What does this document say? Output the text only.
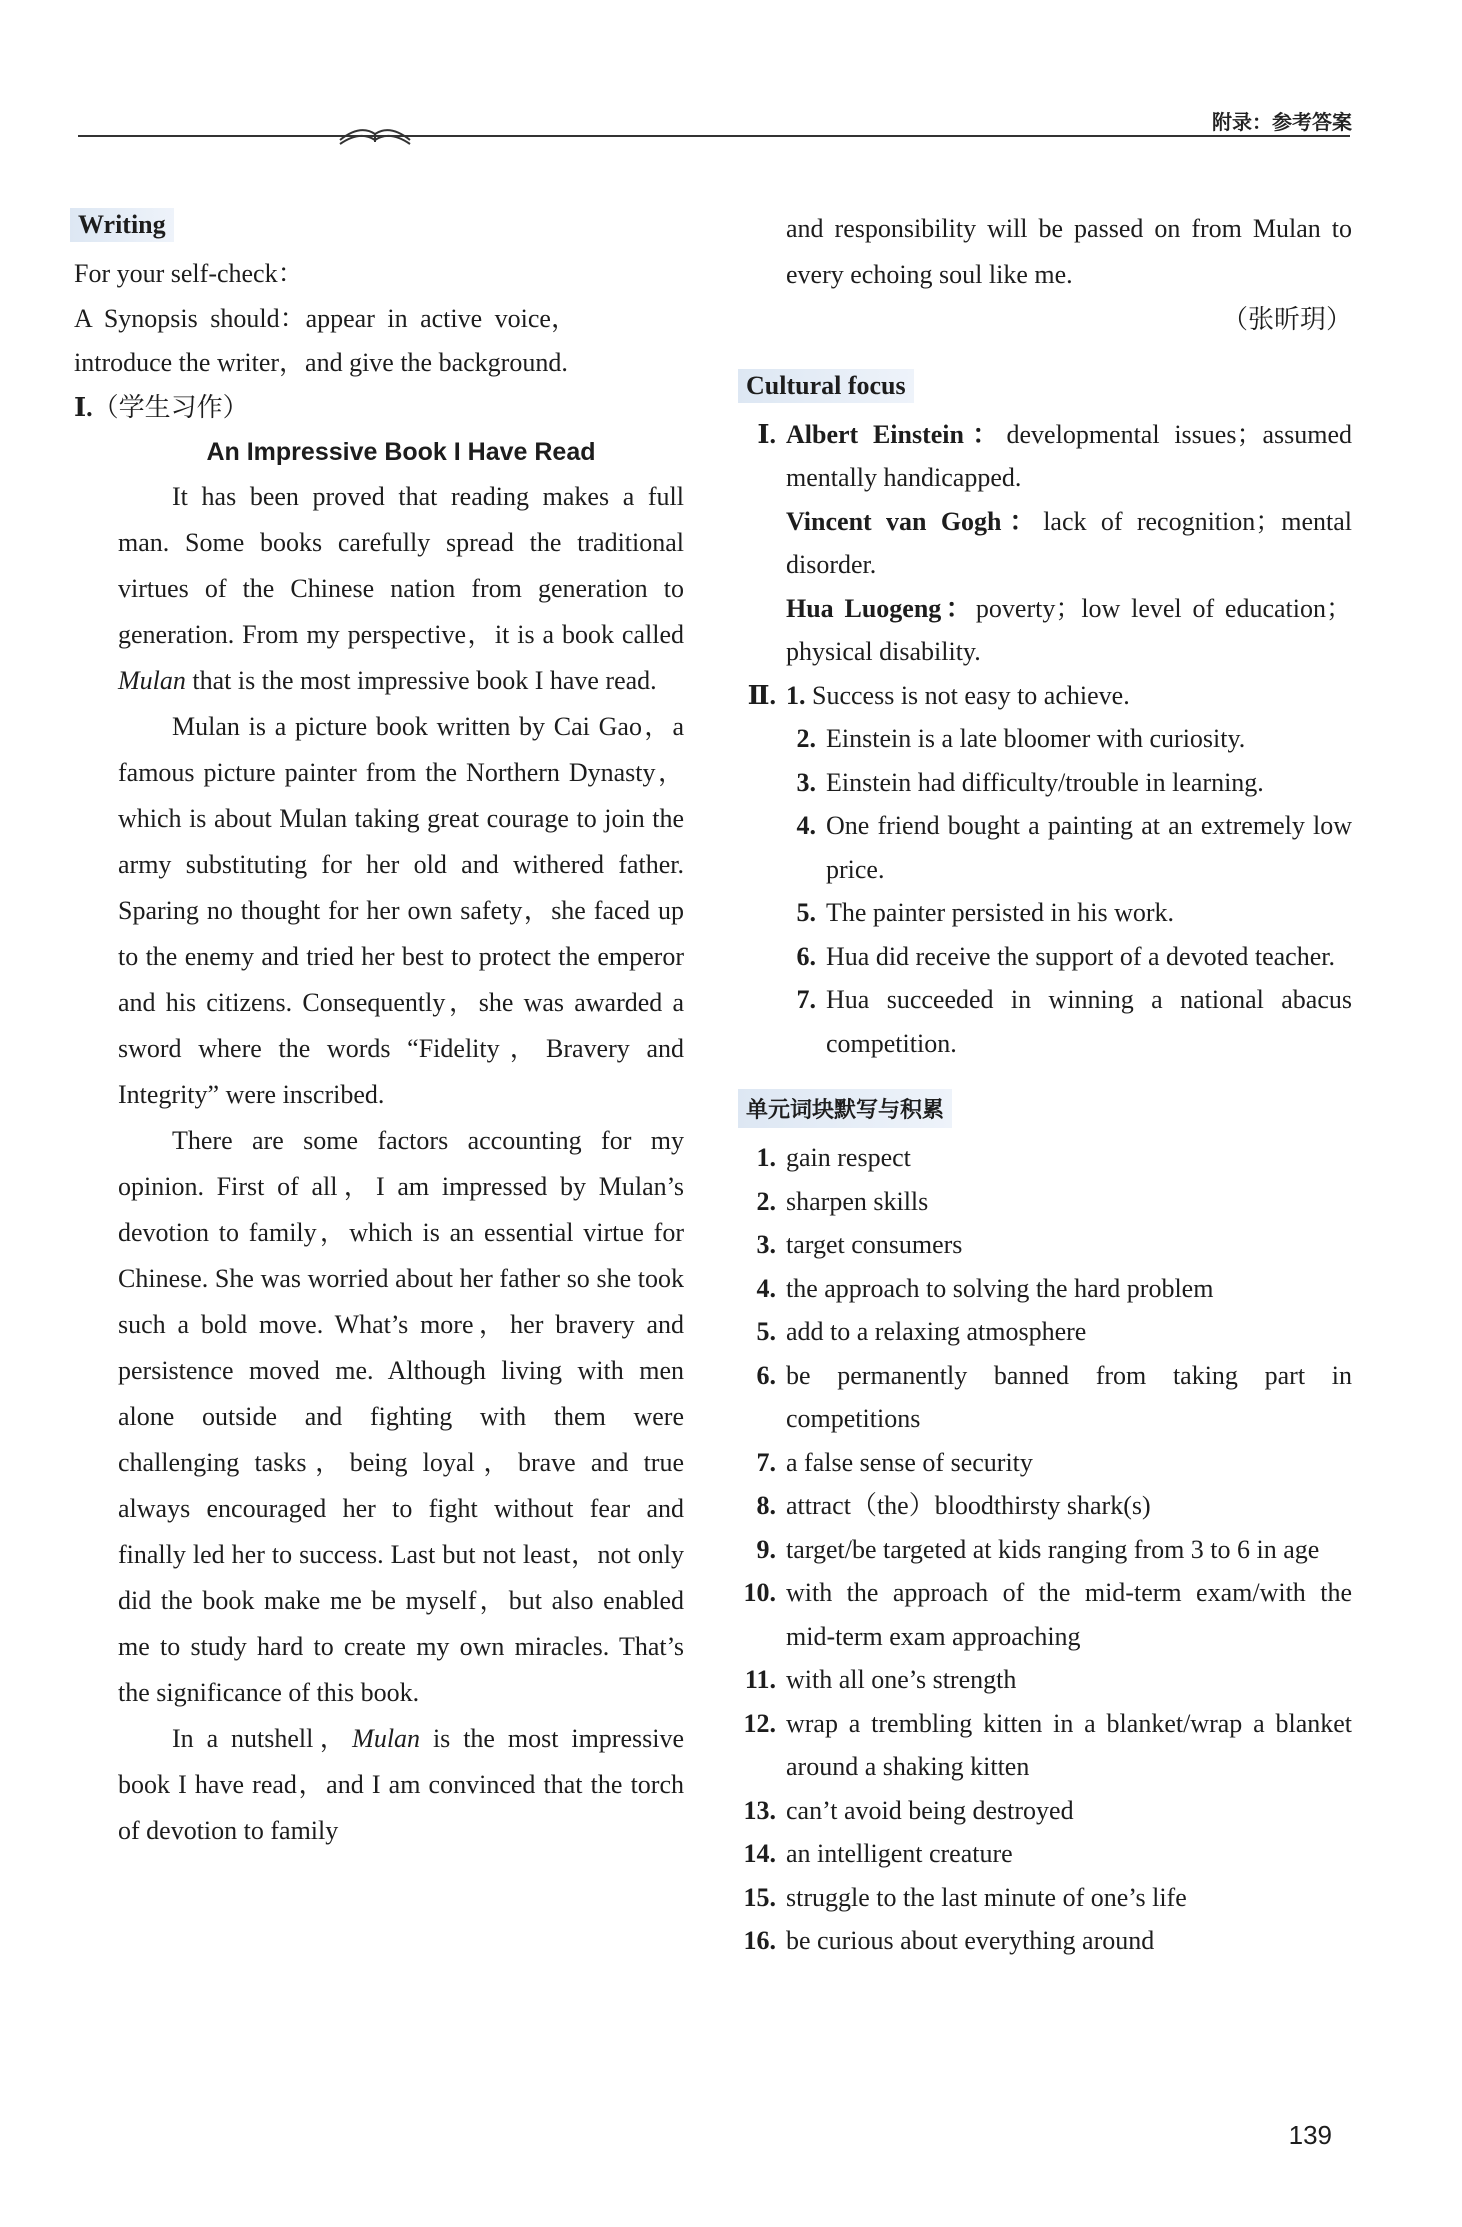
附录：参考答案
Writing
For your self-check：
A Synopsis should：appear in active voice，
introduce the writer，and give the background.
Ⅰ.（学生习作）
An Impressive Book I Have Read
It has been proved that reading makes a full man. Some books carefully spread the traditional virtues of the Chinese nation from generation to generation. From my perspective，it is a book called Mulan that is the most impressive book I have read.
Mulan is a picture book written by Cai Gao，a famous picture painter from the Northern Dynasty，which is about Mulan taking great courage to join the army substituting for her old and withered father. Sparing no thought for her own safety，she faced up to the enemy and tried her best to protect the emperor and his citizens. Consequently，she was awarded a sword where the words “Fidelity，Bravery and Integrity” were inscribed.
There are some factors accounting for my opinion. First of all，I am impressed by Mulan’s devotion to family，which is an essential virtue for Chinese. She was worried about her father so she took such a bold move. What’s more，her bravery and persistence moved me. Although living with men alone outside and fighting with them were challenging tasks，being loyal，brave and true always encouraged her to fight without fear and finally led her to success. Last but not least，not only did the book make me be myself，but also enabled me to study hard to create my own miracles. That’s the significance of this book.
In a nutshell，Mulan is the most impressive book I have read，and I am convinced that the torch of devotion to family
and responsibility will be passed on from Mulan to every echoing soul like me.
（张昕玥）
Cultural focus
Ⅰ. Albert Einstein：developmental issues；assumed mentally handicapped.
Vincent van Gogh：lack of recognition；mental disorder.
Hua Luogeng：poverty；low level of education；physical disability.
Ⅱ. 1. Success is not easy to achieve.
2. Einstein is a late bloomer with curiosity.
3. Einstein had difficulty/trouble in learning.
4. One friend bought a painting at an extremely low price.
5. The painter persisted in his work.
6. Hua did receive the support of a devoted teacher.
7. Hua succeeded in winning a national abacus competition.
单元词块默写与积累
1. gain respect
2. sharpen skills
3. target consumers
4. the approach to solving the hard problem
5. add to a relaxing atmosphere
6. be permanently banned from taking part in competitions
7. a false sense of security
8. attract（the）bloodthirsty shark(s)
9. target/be targeted at kids ranging from 3 to 6 in age
10. with the approach of the mid-term exam/with the mid-term exam approaching
11. with all one’s strength
12. wrap a trembling kitten in a blanket/wrap a blanket around a shaking kitten
13. can’t avoid being destroyed
14. an intelligent creature
15. struggle to the last minute of one’s life
16. be curious about everything around
139
